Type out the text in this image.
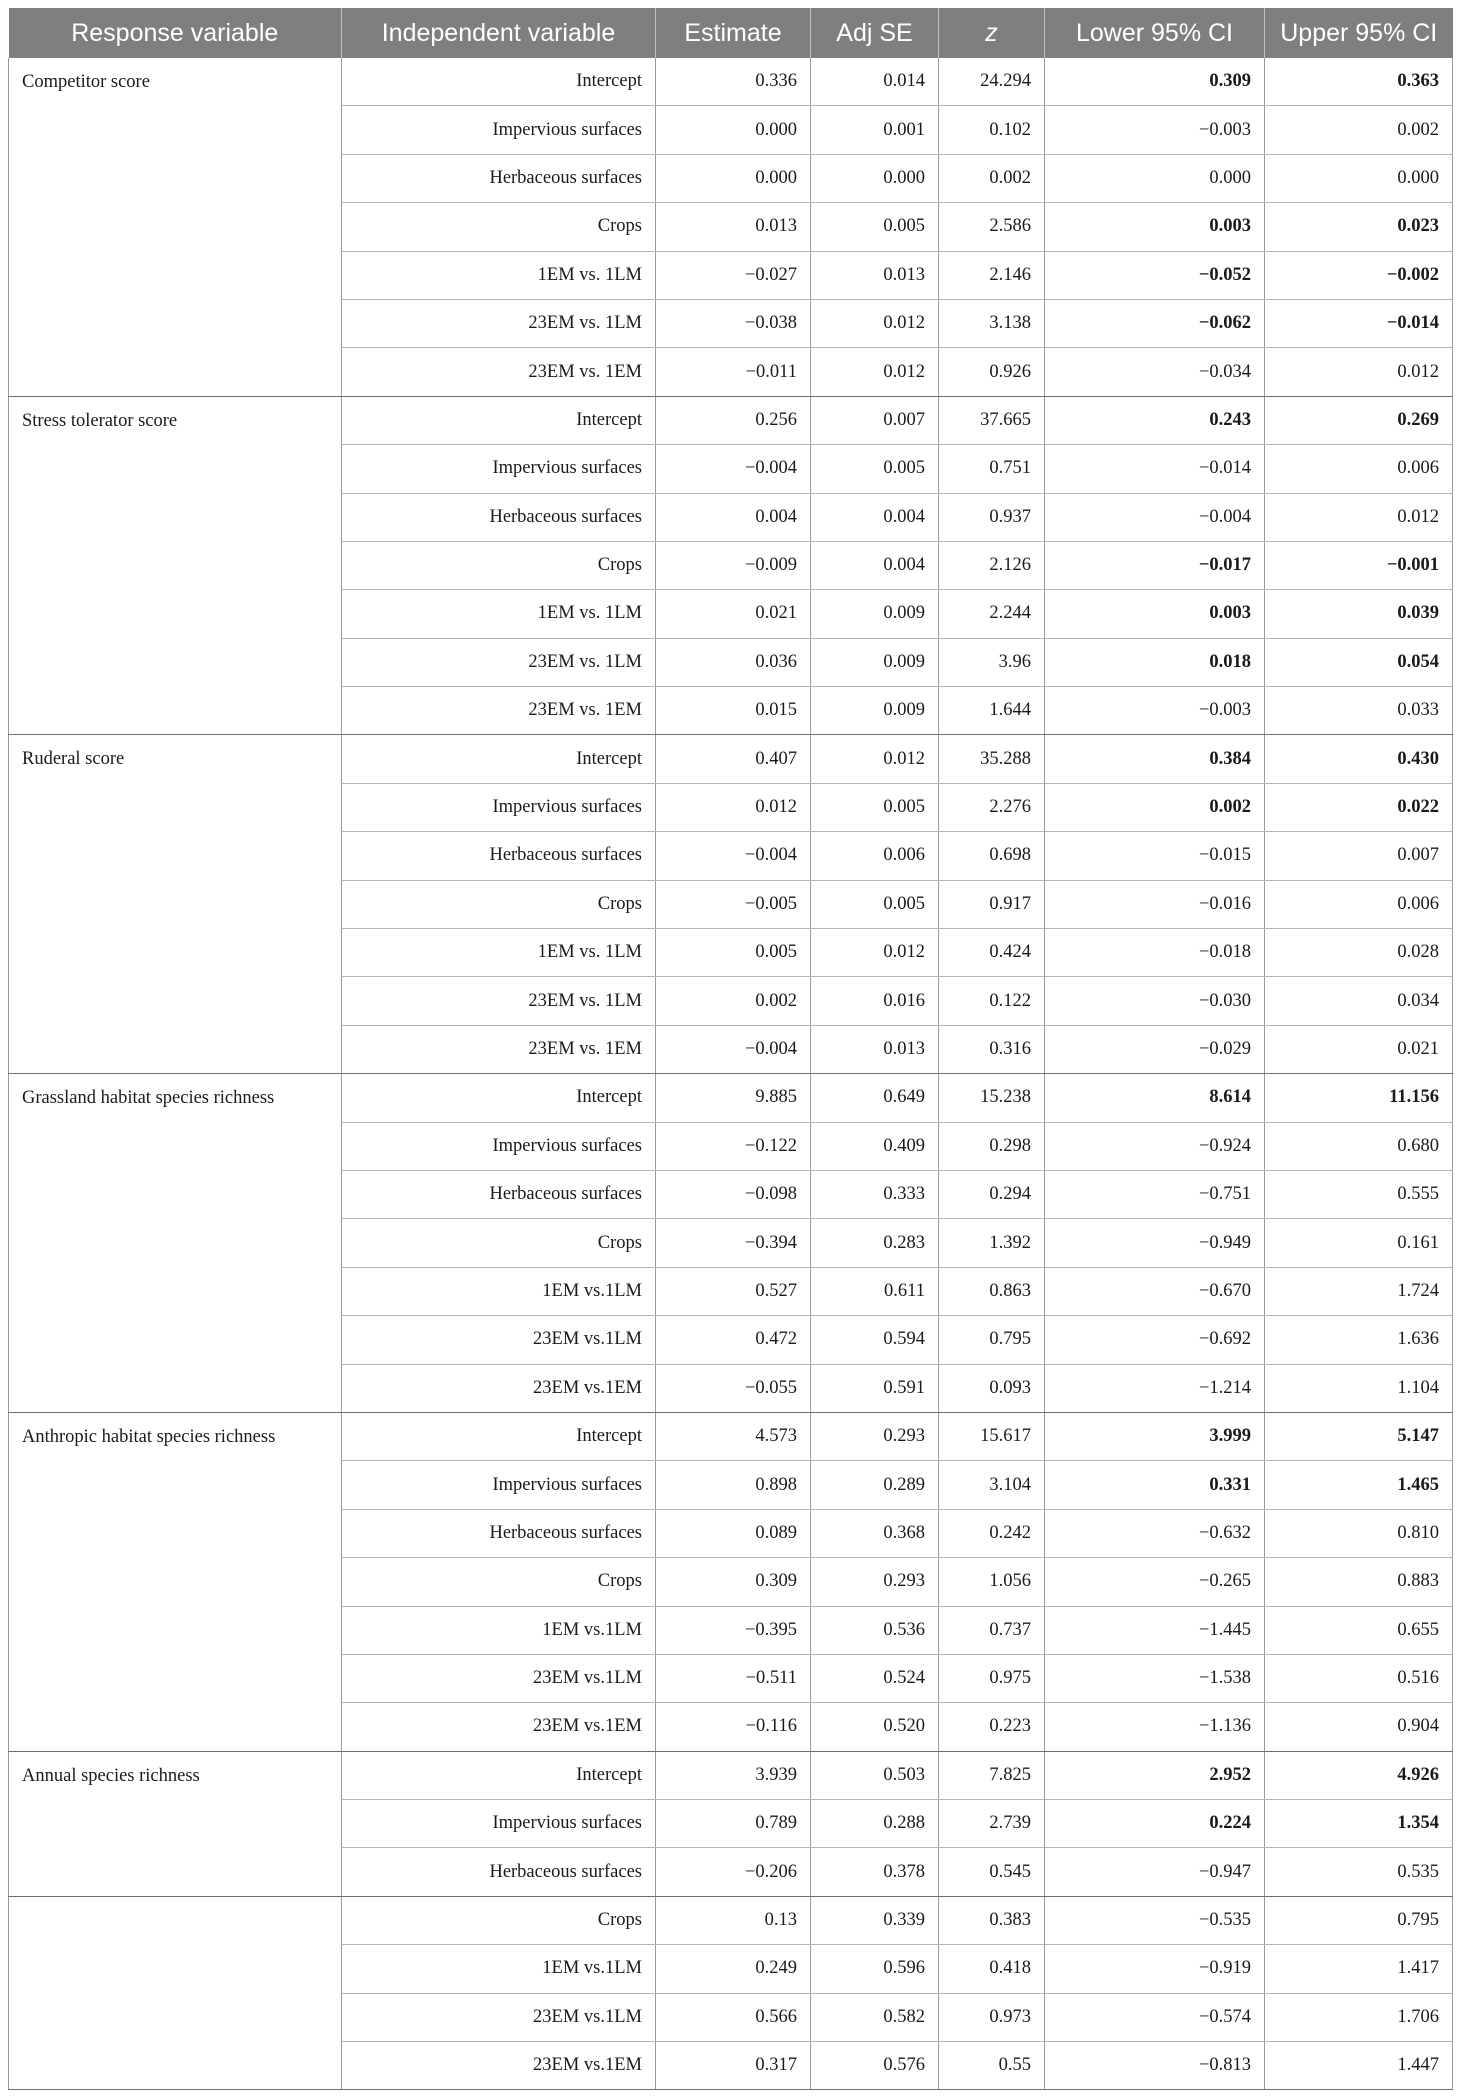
Response variable	Independent variable	Estimate	Adj SE	z	Lower 95% CI	Upper 95% CI
Competitor score	Intercept	0.336	0.014	24.294	0.309	0.363
	Impervious surfaces	0.000	0.001	0.102	−0.003	0.002
	Herbaceous surfaces	0.000	0.000	0.002	0.000	0.000
	Crops	0.013	0.005	2.586	0.003	0.023
	1EM vs. 1LM	−0.027	0.013	2.146	−0.052	−0.002
	23EM vs. 1LM	−0.038	0.012	3.138	−0.062	−0.014
	23EM vs. 1EM	−0.011	0.012	0.926	−0.034	0.012
Stress tolerator score	Intercept	0.256	0.007	37.665	0.243	0.269
	Impervious surfaces	−0.004	0.005	0.751	−0.014	0.006
	Herbaceous surfaces	0.004	0.004	0.937	−0.004	0.012
	Crops	−0.009	0.004	2.126	−0.017	−0.001
	1EM vs. 1LM	0.021	0.009	2.244	0.003	0.039
	23EM vs. 1LM	0.036	0.009	3.96	0.018	0.054
	23EM vs. 1EM	0.015	0.009	1.644	−0.003	0.033
Ruderal score	Intercept	0.407	0.012	35.288	0.384	0.430
	Impervious surfaces	0.012	0.005	2.276	0.002	0.022
	Herbaceous surfaces	−0.004	0.006	0.698	−0.015	0.007
	Crops	−0.005	0.005	0.917	−0.016	0.006
	1EM vs. 1LM	0.005	0.012	0.424	−0.018	0.028
	23EM vs. 1LM	0.002	0.016	0.122	−0.030	0.034
	23EM vs. 1EM	−0.004	0.013	0.316	−0.029	0.021
Grassland habitat species richness	Intercept	9.885	0.649	15.238	8.614	11.156
	Impervious surfaces	−0.122	0.409	0.298	−0.924	0.680
	Herbaceous surfaces	−0.098	0.333	0.294	−0.751	0.555
	Crops	−0.394	0.283	1.392	−0.949	0.161
	1EM vs.1LM	0.527	0.611	0.863	−0.670	1.724
	23EM vs.1LM	0.472	0.594	0.795	−0.692	1.636
	23EM vs.1EM	−0.055	0.591	0.093	−1.214	1.104
Anthropic habitat species richness	Intercept	4.573	0.293	15.617	3.999	5.147
	Impervious surfaces	0.898	0.289	3.104	0.331	1.465
	Herbaceous surfaces	0.089	0.368	0.242	−0.632	0.810
	Crops	0.309	0.293	1.056	−0.265	0.883
	1EM vs.1LM	−0.395	0.536	0.737	−1.445	0.655
	23EM vs.1LM	−0.511	0.524	0.975	−1.538	0.516
	23EM vs.1EM	−0.116	0.520	0.223	−1.136	0.904
Annual species richness	Intercept	3.939	0.503	7.825	2.952	4.926
	Impervious surfaces	0.789	0.288	2.739	0.224	1.354
	Herbaceous surfaces	−0.206	0.378	0.545	−0.947	0.535
	Crops	0.13	0.339	0.383	−0.535	0.795
	1EM vs.1LM	0.249	0.596	0.418	−0.919	1.417
	23EM vs.1LM	0.566	0.582	0.973	−0.574	1.706
	23EM vs.1EM	0.317	0.576	0.55	−0.813	1.447
